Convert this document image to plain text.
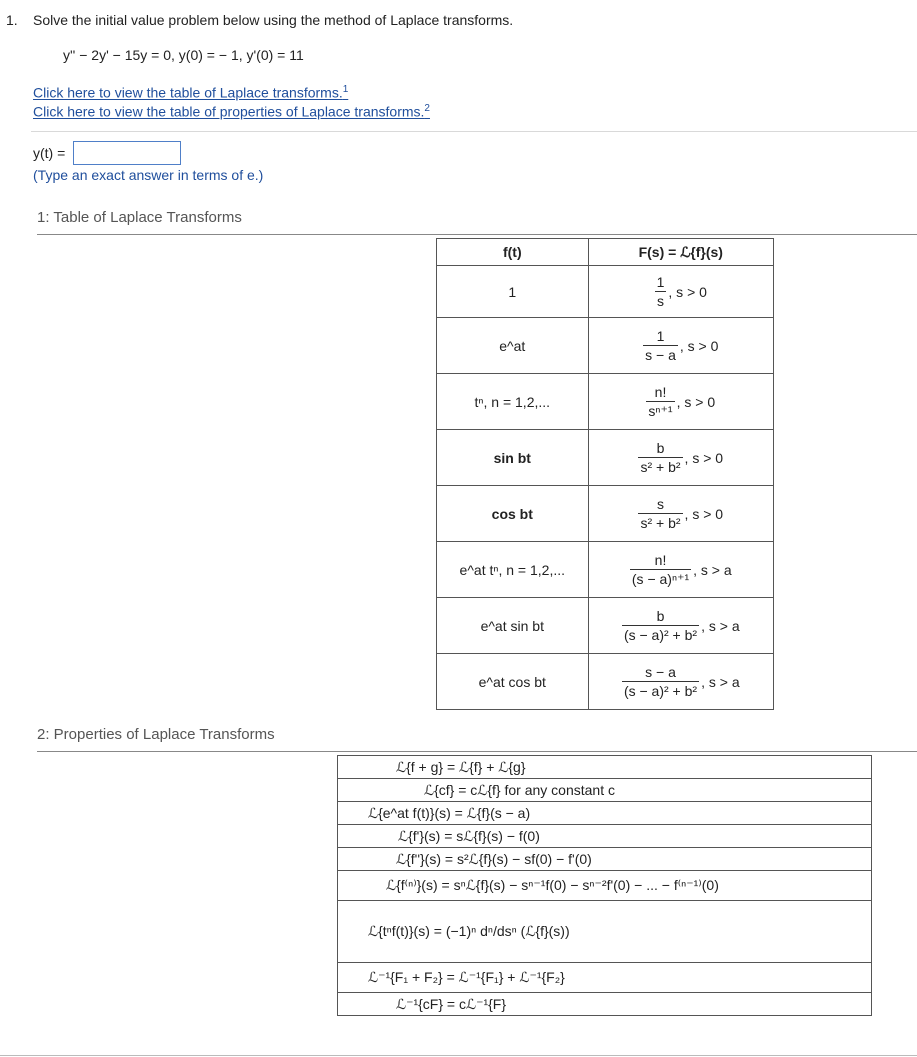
1. Solve the initial value problem below using the method of Laplace transforms.
y'' − 2y' − 15y = 0, y(0) = − 1, y'(0) = 11
Click here to view the table of Laplace transforms.$^1$
Click here to view the table of properties of Laplace transforms.$^2$
y(t) =
(Type an exact answer in terms of e.)
1: Table of Laplace Transforms
f(t)	F(s) = ℒ{f}(s)
1	$\frac{1}{s}$ , s > 0
e^at	$\frac{1}{s - a}$ , s > 0
tⁿ, n = 1,2,...	$\frac{n!}{\text{sⁿ⁺¹}}$ , s > 0
sin bt	$\frac{b}{\text{s² + b²}}$ , s > 0
cos bt	$\frac{s}{\text{s² + b²}}$ , s > 0
e^at tⁿ, n = 1,2,...	$\frac{n!}{\text{(s − a)ⁿ⁺¹}}$ , s > a
e^at sin bt	$\frac{b}{\text{(s − a)² + b²}}$ , s > a
e^at cos bt	$\frac{s - a}{\text{(s − a)² + b²}}$ , s > a
2: Properties of Laplace Transforms
ℒ{f + g} = ℒ{f} + ℒ{g}
ℒ{cf} = cℒ{f} for any constant c
ℒ{e^at f(t)}(s) = ℒ{f}(s − a)
ℒ{f'}(s) = sℒ{f}(s) − f(0)
ℒ{f''}(s) = s²ℒ{f}(s) − sf(0) − f'(0)
ℒ{f⁽ⁿ⁾}(s) = sⁿℒ{f}(s) − sⁿ⁻¹f(0) − sⁿ⁻²f'(0) − ... − f⁽ⁿ⁻¹⁾(0)
ℒ{tⁿf(t)}(s) = (−1)ⁿ dⁿ/dsⁿ (ℒ{f}(s))
ℒ⁻¹{F₁ + F₂} = ℒ⁻¹{F₁} + ℒ⁻¹{F₂}
ℒ⁻¹{cF} = cℒ⁻¹{F}
